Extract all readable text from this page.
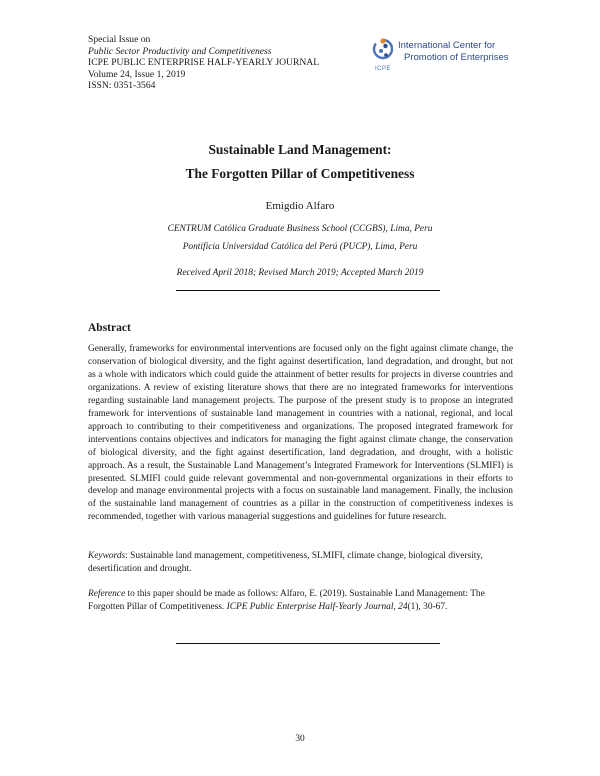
Special Issue on
Public Sector Productivity and Competitiveness
ICPE PUBLIC ENTERPRISE HALF-YEARLY JOURNAL
Volume 24, Issue 1, 2019
ISSN: 0351-3564
International Center for
Promotion of Enterprises
ICPE
Sustainable Land Management:
The Forgotten Pillar of Competitiveness
Emigdio Alfaro
CENTRUM Católica Graduate Business School (CCGBS), Lima, Peru
Pontificia Universidad Católica del Perú (PUCP), Lima, Peru
Received April 2018; Revised March 2019; Accepted March 2019
Abstract
Generally, frameworks for environmental interventions are focused only on the fight against climate change, the conservation of biological diversity, and the fight against desertification, land degradation, and drought, but not as a whole with indicators which could guide the attainment of better results for projects in diverse countries and organizations. A review of existing literature shows that there are no integrated frameworks for interventions regarding sustainable land management projects. The purpose of the present study is to propose an integrated framework for interventions of sustainable land management in countries with a national, regional, and local approach to contributing to their competitiveness and organizations. The proposed integrated framework for interventions contains objectives and indicators for managing the fight against climate change, the conservation of biological diversity, and the fight against desertification, land degradation, and drought, with a holistic approach. As a result, the Sustainable Land Management’s Integrated Framework for Interventions (SLMIFI) is presented. SLMIFI could guide relevant governmental and non-governmental organizations in their efforts to develop and manage environmental projects with a focus on sustainable land management. Finally, the inclusion of the sustainable land management of countries as a pillar in the construction of competitiveness indexes is recommended, together with various managerial suggestions and guidelines for future research.
Keywords: Sustainable land management, competitiveness, SLMIFI, climate change, biological diversity, desertification and drought.
Reference to this paper should be made as follows: Alfaro, E. (2019). Sustainable Land Management: The Forgotten Pillar of Competitiveness. ICPE Public Enterprise Half-Yearly Journal, 24(1), 30-67.
30
